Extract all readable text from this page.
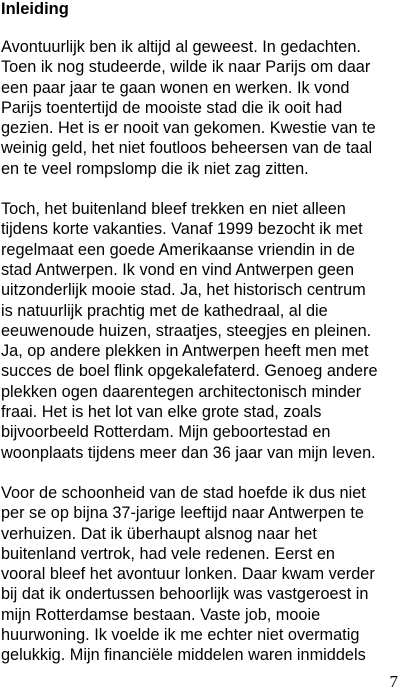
Inleiding

Avontuurlijk ben ik altijd al geweest. In gedachten.
Toen ik nog studeerde, wilde ik naar Parijs om daar
een paar jaar te gaan wonen en werken. Ik vond
Parijs toentertijd de mooiste stad die ik ooit had
gezien. Het is er nooit van gekomen. Kwestie van te
weinig geld, het niet foutloos beheersen van de taal
en te veel rompslomp die ik niet zag zitten.

Toch, het buitenland bleef trekken en niet alleen
tijdens korte vakanties. Vanaf 1999 bezocht ik met
regelmaat een goede Amerikaanse vriendin in de
stad Antwerpen. Ik vond en vind Antwerpen geen
uitzonderlijk mooie stad. Ja, het historisch centrum
is natuurlijk prachtig met de kathedraal, al die
eeuwenoude huizen, straatjes, steegjes en pleinen.
Ja, op andere plekken in Antwerpen heeft men met
succes de boel flink opgekalefaterd. Genoeg andere
plekken ogen daarentegen architectonisch minder
fraai. Het is het lot van elke grote stad, zoals
bijvoorbeeld Rotterdam. Mijn geboortestad en
woonplaats tijdens meer dan 36 jaar van mijn leven.

Voor de schoonheid van de stad hoefde ik dus niet
per se op bijna 37-jarige leeftijd naar Antwerpen te
verhuizen. Dat ik überhaupt alsnog naar het
buitenland vertrok, had vele redenen. Eerst en
vooral bleef het avontuur lonken. Daar kwam verder
bij dat ik ondertussen behoorlijk was vastgeroest in
mijn Rotterdamse bestaan. Vaste job, mooie
huurwoning. Ik voelde ik me echter niet overmatig
gelukkig. Mijn financiële middelen waren inmiddels

7
